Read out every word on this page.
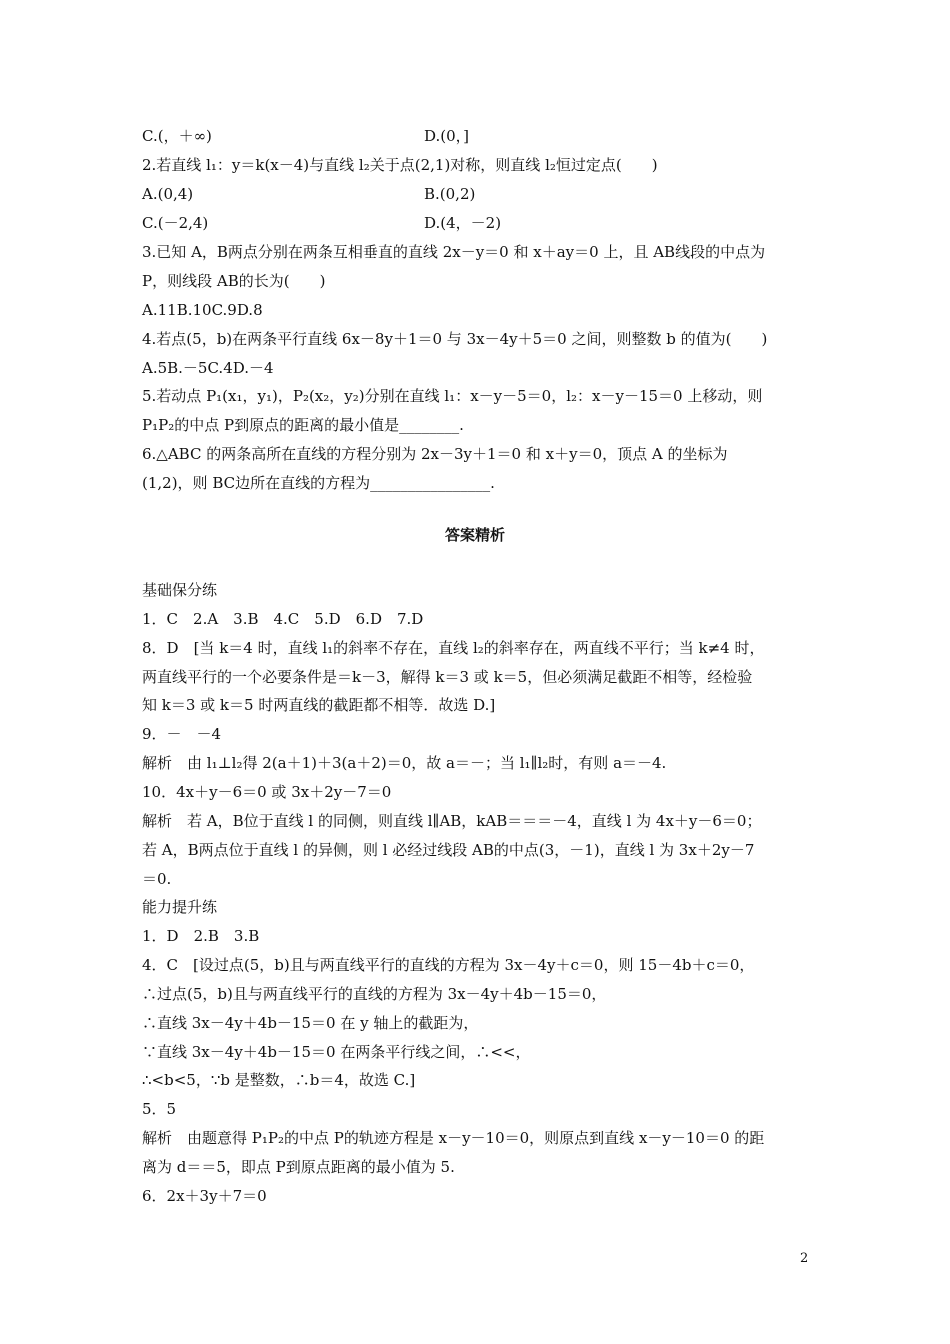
C.(，＋∞)	D.(0，]
2.若直线 l₁：y＝k(x－4)与直线 l₂关于点(2,1)对称，则直线 l₂恒过定点(　　)
A.(0,4)	B.(0,2)
C.(－2,4)	D.(4，－2)
3.已知 A，B两点分别在两条互相垂直的直线 2x－y＝0 和 x＋ay＝0 上，且 AB线段的中点为
P，则线段 AB的长为(　　)
A.11B.10C.9D.8
4.若点(5，b)在两条平行直线 6x－8y＋1＝0 与 3x－4y＋5＝0 之间，则整数 b 的值为(　　)
A.5B.－5C.4D.－4
5.若动点 P₁(x₁，y₁)，P₂(x₂，y₂)分别在直线 l₁：x－y－5＝0，l₂：x－y－15＝0 上移动，则
P₁P₂的中点 P到原点的距离的最小值是________.
6.△ABC 的两条高所在直线的方程分别为 2x－3y＋1＝0 和 x＋y＝0，顶点 A 的坐标为
(1,2)，则 BC边所在直线的方程为________________.
答案精析
基础保分练
1．C　2.A　3.B　4.C　5.D　6.D　7.D
8．D　[当 k＝4 时，直线 l₁的斜率不存在，直线 l₂的斜率存在，两直线不平行；当 k≠4 时，
两直线平行的一个必要条件是＝k－3，解得 k＝3 或 k＝5，但必须满足截距不相等，经检验
知 k＝3 或 k＝5 时两直线的截距都不相等．故选 D.]
9．－　－4
解析　由 l₁⊥l₂得 2(a＋1)＋3(a＋2)＝0，故 a＝－；当 l₁∥l₂时，有则 a＝－4.
10．4x＋y－6＝0 或 3x＋2y－7＝0
解析　若 A，B位于直线 l 的同侧，则直线 l∥AB，kAB＝＝＝－4，直线 l 为 4x＋y－6＝0；
若 A，B两点位于直线 l 的异侧，则 l 必经过线段 AB的中点(3，－1)，直线 l 为 3x＋2y－7
＝0.
能力提升练
1．D　2.B　3.B
4．C　[设过点(5，b)且与两直线平行的直线的方程为 3x－4y＋c＝0，则 15－4b＋c＝0，
∴过点(5，b)且与两直线平行的直线的方程为 3x－4y＋4b－15＝0，
∴直线 3x－4y＋4b－15＝0 在 y 轴上的截距为，
∵直线 3x－4y＋4b－15＝0 在两条平行线之间，∴<<，
∴<b<5，∵b 是整数，∴b＝4，故选 C.]
5．5
解析　由题意得 P₁P₂的中点 P的轨迹方程是 x－y－10＝0，则原点到直线 x－y－10＝0 的距
离为 d＝＝5，即点 P到原点距离的最小值为 5.
6．2x＋3y＋7＝0
2
